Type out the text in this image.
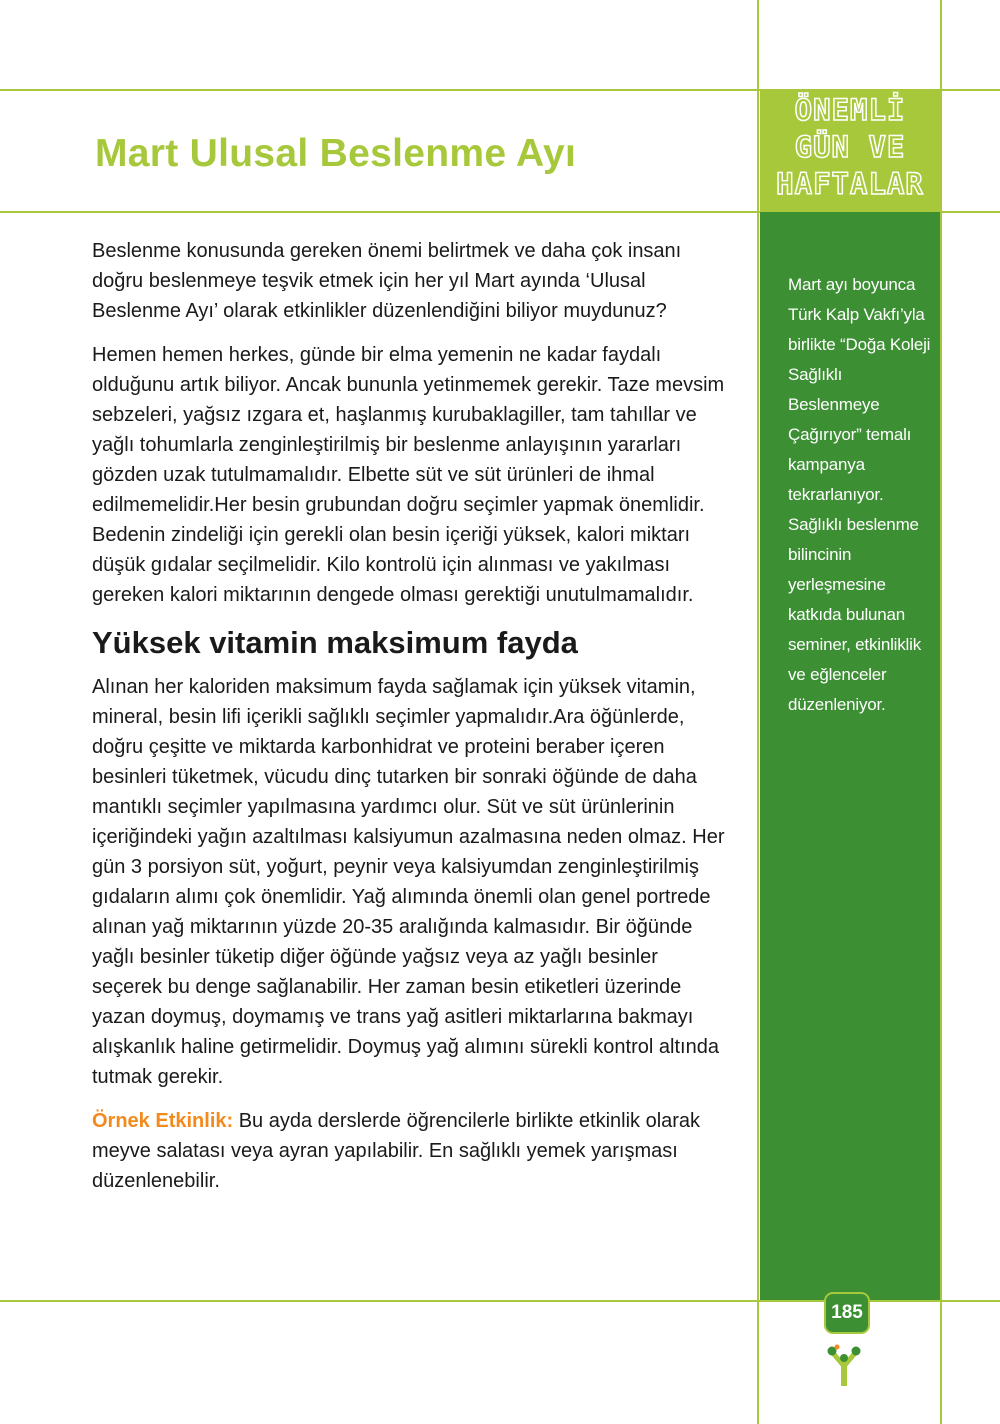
ÖNEMLİ
GÜN VE
HAFTALAR
Mart Ulusal Beslenme Ayı

Beslenme konusunda gereken önemi belirtmek ve daha çok insanı doğru beslenmeye teşvik etmek için her yıl Mart ayında ‘Ulusal Beslenme Ayı’ olarak etkinlikler düzenlendiğini biliyor muydunuz?

Hemen hemen herkes, günde bir elma yemenin ne kadar faydalı olduğunu artık biliyor. Ancak bununla yetinmemek gerekir. Taze mevsim sebzeleri, yağsız ızgara et, haşlanmış kurubaklagiller, tam tahıllar ve yağlı tohumlarla zenginleştirilmiş bir beslenme anlayışının yararları gözden uzak tutulmamalıdır. Elbette süt ve süt ürünleri de ihmal edilmemelidir.Her besin grubundan doğru seçimler yapmak önemlidir. Bedenin zindeliği için gerekli olan besin içeriği yüksek, kalori miktarı düşük gıdalar seçilmelidir. Kilo kontrolü için alınması ve yakılması gereken kalori miktarının dengede olması gerektiği unutulmamalıdır.

Yüksek vitamin maksimum fayda

Alınan her kaloriden maksimum fayda sağlamak için yüksek vitamin, mineral, besin lifi içerikli sağlıklı seçimler yapmalıdır.Ara öğünlerde, doğru çeşitte ve miktarda karbonhidrat ve proteini beraber içeren besinleri tüketmek, vücudu dinç tutarken bir sonraki öğünde de daha mantıklı seçimler yapılmasına yardımcı olur. Süt ve süt ürünlerinin içeriğindeki yağın azaltılması kalsiyumun azalmasına neden olmaz. Her gün 3 porsiyon süt, yoğurt, peynir veya kalsiyumdan zenginleştirilmiş gıdaların alımı çok önemlidir. Yağ alımında önemli olan genel portrede alınan yağ miktarının yüzde 20-35 aralığında kalmasıdır. Bir öğünde yağlı besinler tüketip diğer öğünde yağsız veya az yağlı besinler seçerek bu denge sağlanabilir. Her zaman besin etiketleri üzerinde yazan doymuş, doymamış ve trans yağ asitleri miktarlarına bakmayı alışkanlık haline getirmelidir. Doymuş yağ alımını sürekli kontrol altında tutmak gerekir.

Örnek Etkinlik: Bu ayda derslerde öğrencilerle birlikte etkinlik olarak meyve salatası veya ayran yapılabilir. En sağlıklı yemek yarışması düzenlenebilir.

Mart ayı boyunca Türk Kalp Vakfı’yla birlikte “Doğa Koleji Sağlıklı Beslenmeye Çağırıyor” temalı kampanya tekrarlanıyor. Sağlıklı beslenme bilincinin yerleşmesine katkıda bulunan seminer, etkinliklik ve eğlenceler düzenleniyor.

185
